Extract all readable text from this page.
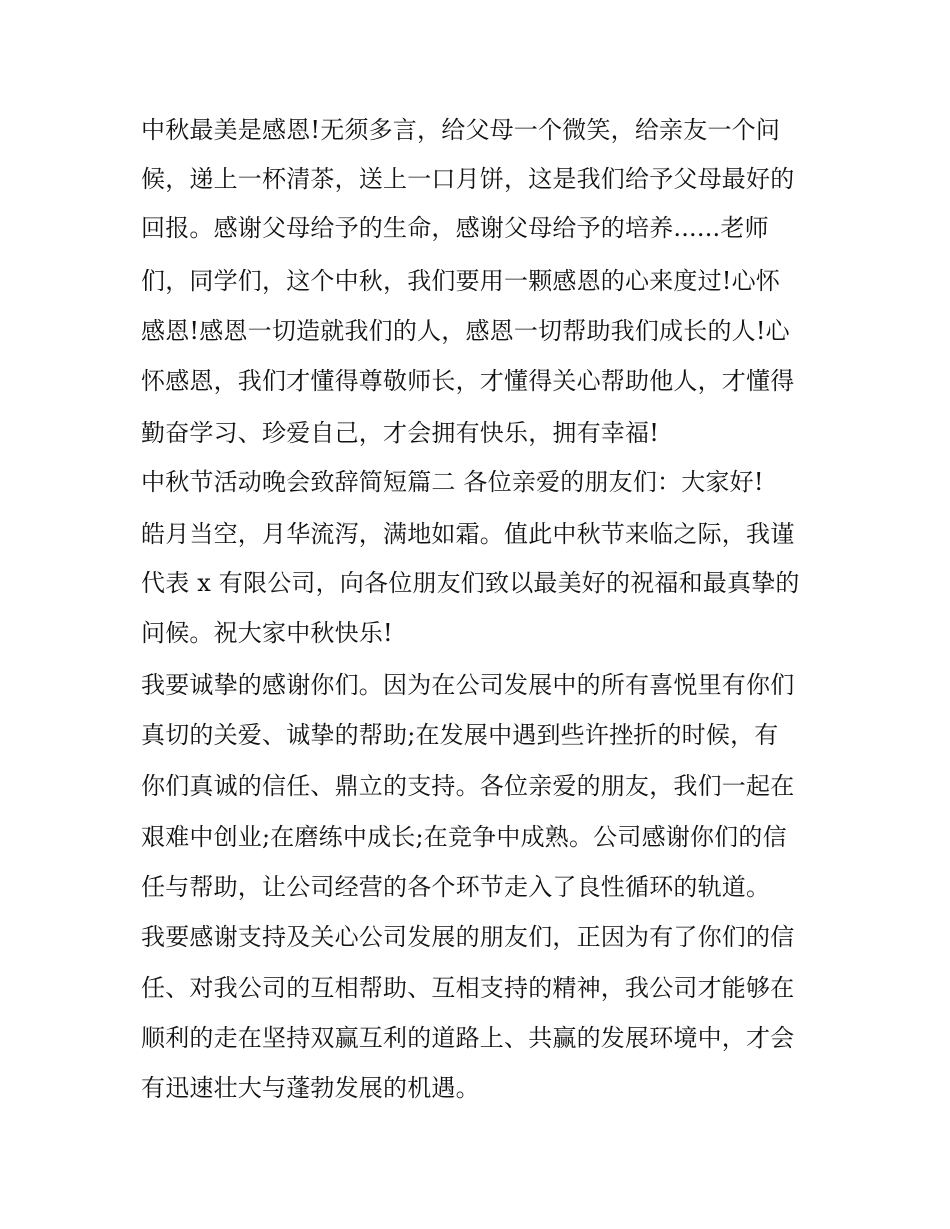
中秋最美是感恩!无须多言，给父母一个微笑，给亲友一个问
候，递上一杯清茶，送上一口月饼，这是我们给予父母最好的
回报。感谢父母给予的生命，感谢父母给予的培养......老师
们，同学们，这个中秋，我们要用一颗感恩的心来度过!心怀
感恩!感恩一切造就我们的人，感恩一切帮助我们成长的人!心
怀感恩，我们才懂得尊敬师长，才懂得关心帮助他人，才懂得
勤奋学习、珍爱自己，才会拥有快乐，拥有幸福!
中秋节活动晚会致辞简短篇二 各位亲爱的朋友们：大家好!
皓月当空，月华流泻，满地如霜。值此中秋节来临之际，我谨
代表 x 有限公司，向各位朋友们致以最美好的祝福和最真挚的
问候。祝大家中秋快乐!
我要诚挚的感谢你们。因为在公司发展中的所有喜悦里有你们
真切的关爱、诚挚的帮助;在发展中遇到些许挫折的时候，有
你们真诚的信任、鼎立的支持。各位亲爱的朋友，我们一起在
艰难中创业;在磨练中成长;在竞争中成熟。公司感谢你们的信
任与帮助，让公司经营的各个环节走入了良性循环的轨道。
我要感谢支持及关心公司发展的朋友们，正因为有了你们的信
任、对我公司的互相帮助、互相支持的精神，我公司才能够在
顺利的走在坚持双赢互利的道路上、共赢的发展环境中，才会
有迅速壮大与蓬勃发展的机遇。
